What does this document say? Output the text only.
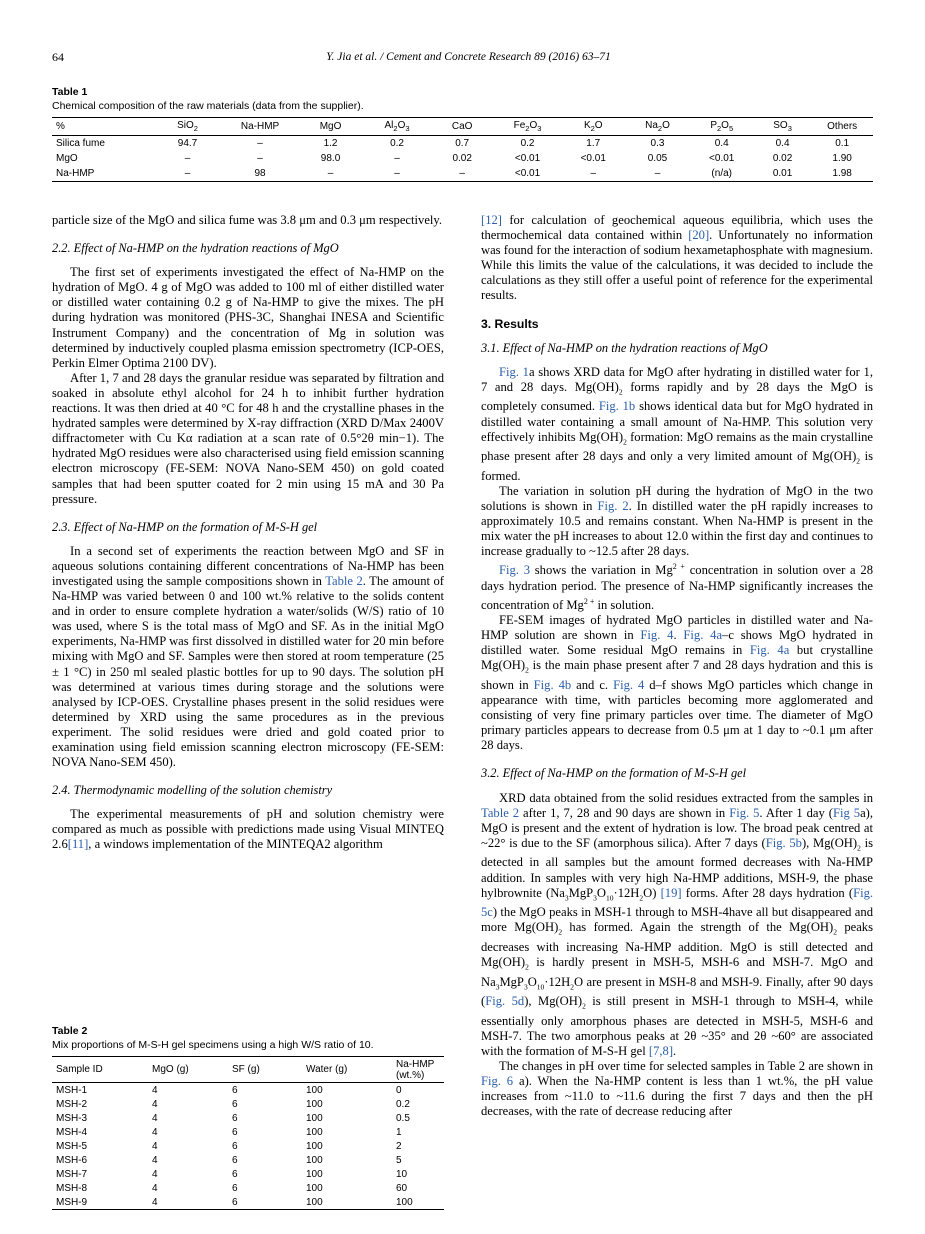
64	Y. Jia et al. / Cement and Concrete Research 89 (2016) 63–71
Table 1
Chemical composition of the raw materials (data from the supplier).
%	SiO$_2$	Na-HMP	MgO	$Al_2O_3$	CaO	$Fe_2O_3$	$K_2O$	$Na_2O$	$P_2O_5$	$SO_3$	Others
Silica fume	94.7	–	1.2	0.2	0.7	0.2	1.7	0.3	0.4	0.4	0.1
MgO	–	–	98.0	–	0.02	<0.01	<0.01	0.05	<0.01	0.02	1.90
Na-HMP	–	98	–	–	–	<0.01	–	–	(n/a)	0.01	1.98

particle size of the MgO and silica fume was 3.8 μm and 0.3 μm respectively.

2.2. Effect of Na-HMP on the hydration reactions of MgO

The first set of experiments investigated the effect of Na-HMP on the hydration of MgO. 4 g of MgO was added to 100 ml of either distilled water or distilled water containing 0.2 g of Na-HMP to give the mixes. The pH during hydration was monitored (PHS-3C, Shanghai INESA and Scientific Instrument Company) and the concentration of Mg in solution was determined by inductively coupled plasma emission spectrometry (ICP-OES, Perkin Elmer Optima 2100 DV).

After 1, 7 and 28 days the granular residue was separated by filtration and soaked in absolute ethyl alcohol for 24 h to inhibit further hydration reactions. It was then dried at 40 °C for 48 h and the crystalline phases in the hydrated samples were determined by X-ray diffraction (XRD D/Max 2400V diffractometer with Cu Kα radiation at a scan rate of 0.5°2θ min−1). The hydrated MgO residues were also characterised using field emission scanning electron microscopy (FE-SEM: NOVA Nano-SEM 450) on gold coated samples that had been sputter coated for 2 min using 15 mA and 30 Pa pressure.

2.3. Effect of Na-HMP on the formation of M-S-H gel

In a second set of experiments the reaction between MgO and SF in aqueous solutions containing different concentrations of Na-HMP has been investigated using the sample compositions shown in Table 2. The amount of Na-HMP was varied between 0 and 100 wt.% relative to the solids content and in order to ensure complete hydration a water/solids (W/S) ratio of 10 was used, where S is the total mass of MgO and SF. As in the initial MgO experiments, Na-HMP was first dissolved in distilled water for 20 min before mixing with MgO and SF. Samples were then stored at room temperature (25 ± 1 °C) in 250 ml sealed plastic bottles for up to 90 days. The solution pH was determined at various times during storage and the solutions were analysed by ICP-OES. Crystalline phases present in the solid residues were determined by XRD using the same procedures as in the previous experiment. The solid residues were dried and gold coated prior to examination using field emission scanning electron microscopy (FE-SEM: NOVA Nano-SEM 450).

2.4. Thermodynamic modelling of the solution chemistry

The experimental measurements of pH and solution chemistry were compared as much as possible with predictions made using Visual MINTEQ 2.6[11], a windows implementation of the MINTEQA2 algorithm

Table 2
Mix proportions of M-S-H gel specimens using a high W/S ratio of 10.
Sample ID	MgO (g)	SF (g)	Water (g)	Na-HMP (wt.%)
MSH-1	4	6	100	0
MSH-2	4	6	100	0.2
MSH-3	4	6	100	0.5
MSH-4	4	6	100	1
MSH-5	4	6	100	2
MSH-6	4	6	100	5
MSH-7	4	6	100	10
MSH-8	4	6	100	60
MSH-9	4	6	100	100

[12] for calculation of geochemical aqueous equilibria, which uses the thermochemical data contained within [20]. Unfortunately no information was found for the interaction of sodium hexametaphosphate with magnesium. While this limits the value of the calculations, it was decided to include the calculations as they still offer a useful point of reference for the experimental results.

3. Results
3.1. Effect of Na-HMP on the hydration reactions of MgO

Fig. 1a shows XRD data for MgO after hydrating in distilled water for 1, 7 and 28 days. $Mg(OH)_2$ forms rapidly and by 28 days the MgO is completely consumed. Fig. 1b shows identical data but for MgO hydrated in distilled water containing a small amount of Na-HMP. This solution very effectively inhibits $Mg(OH)_2$ formation: MgO remains as the main crystalline phase present after 28 days and only a very limited amount of $Mg(OH)_2$ is formed.

The variation in solution pH during the hydration of MgO in the two solutions is shown in Fig. 2. In distilled water the pH rapidly increases to approximately 10.5 and remains constant. When Na-HMP is present in the mix water the pH increases to about 12.0 within the first day and continues to increase gradually to ~12.5 after 28 days.

Fig. 3 shows the variation in $Mg^{2 +}$ concentration in solution over a 28 days hydration period. The presence of Na-HMP significantly increases the concentration of $Mg^{2 +}$ in solution.

FE-SEM images of hydrated MgO particles in distilled water and Na-HMP solution are shown in Fig. 4. Fig. 4a–c shows MgO hydrated in distilled water. Some residual MgO remains in Fig. 4a but crystalline $Mg(OH)_2$ is the main phase present after 7 and 28 days hydration and this is shown in Fig. 4b and c. Fig. 4 d–f shows MgO particles which change in appearance with time, with particles becoming more agglomerated and consisting of very fine primary particles over time. The diameter of MgO primary particles appears to decrease from 0.5 μm at 1 day to ~0.1 μm after 28 days.

3.2. Effect of Na-HMP on the formation of M-S-H gel

XRD data obtained from the solid residues extracted from the samples in Table 2 after 1, 7, 28 and 90 days are shown in Fig. 5. After 1 day (Fig 5a), MgO is present and the extent of hydration is low. The broad peak centred at ~22° is due to the SF (amorphous silica). After 7 days (Fig. 5b), $Mg(OH)_2$ is detected in all samples but the amount formed decreases with Na-HMP addition. In samples with very high Na-HMP additions, MSH-9, the phase hylbrownite $(Na_3MgP_3O_{10}\cdot 12H_2O)$ [19] forms. After 28 days hydration (Fig. 5c) the MgO peaks in MSH-1 through to MSH-4have all but disappeared and more $Mg(OH)_2$ has formed. Again the strength of the $Mg(OH)_2$ peaks decreases with increasing Na-HMP addition. MgO is still detected and $Mg(OH)_2$ is hardly present in MSH-5, MSH-6 and MSH-7. MgO and $Na_3MgP_3O_{10}\cdot 12H_2O$ are present in MSH-8 and MSH-9. Finally, after 90 days (Fig. 5d), $Mg(OH)_2$ is still present in MSH-1 through to MSH-4, while essentially only amorphous phases are detected in MSH-5, MSH-6 and MSH-7. The two amorphous peaks at 2θ ~35° and 2θ ~60° are associated with the formation of M-S-H gel [7,8].

The changes in pH over time for selected samples in Table 2 are shown in Fig. 6 a). When the Na-HMP content is less than 1 wt.%, the pH value increases from ~11.0 to ~11.6 during the first 7 days and then the pH decreases, with the rate of decrease reducing after
